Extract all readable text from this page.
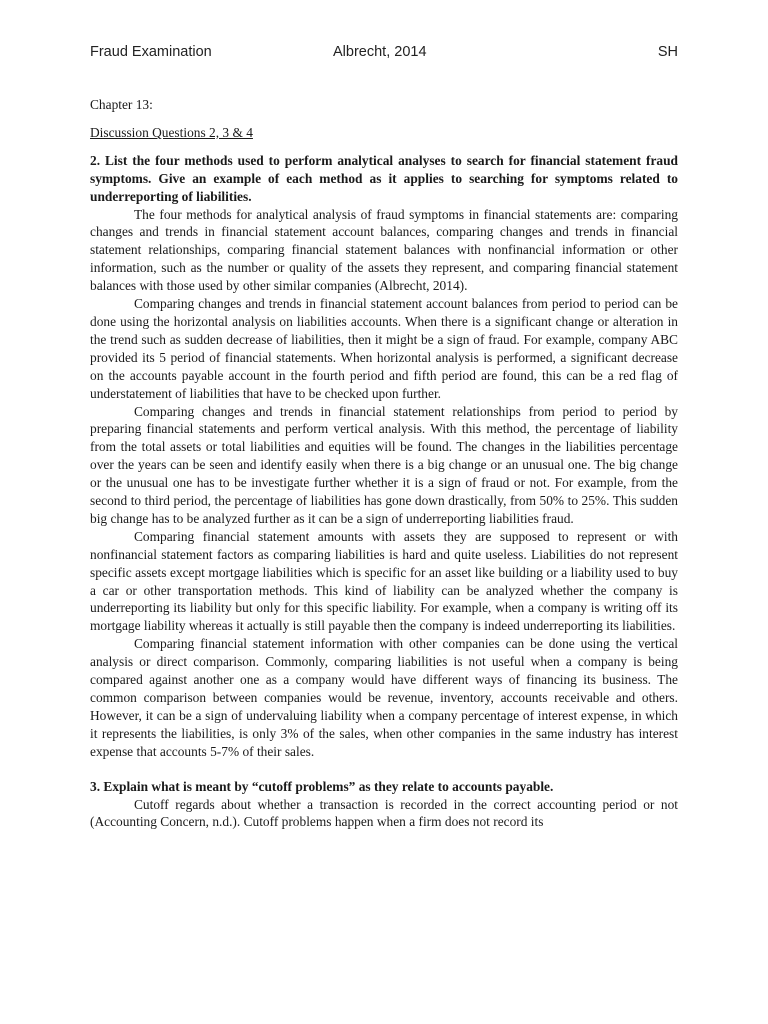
Fraud Examination	Albrecht, 2014	SH

Chapter 13:

Discussion Questions 2, 3 & 4

2. List the four methods used to perform analytical analyses to search for financial statement fraud symptoms. Give an example of each method as it applies to searching for symptoms related to underreporting of liabilities.

The four methods for analytical analysis of fraud symptoms in financial statements are: comparing changes and trends in financial statement account balances, comparing changes and trends in financial statement relationships, comparing financial statement balances with nonfinancial information or other information, such as the number or quality of the assets they represent, and comparing financial statement balances with those used by other similar companies (Albrecht, 2014).

Comparing changes and trends in financial statement account balances from period to period can be done using the horizontal analysis on liabilities accounts. When there is a significant change or alteration in the trend such as sudden decrease of liabilities, then it might be a sign of fraud. For example, company ABC provided its 5 period of financial statements. When horizontal analysis is performed, a significant decrease on the accounts payable account in the fourth period and fifth period are found, this can be a red flag of understatement of liabilities that have to be checked upon further.

Comparing changes and trends in financial statement relationships from period to period by preparing financial statements and perform vertical analysis. With this method, the percentage of liability from the total assets or total liabilities and equities will be found. The changes in the liabilities percentage over the years can be seen and identify easily when there is a big change or an unusual one. The big change or the unusual one has to be investigate further whether it is a sign of fraud or not. For example, from the second to third period, the percentage of liabilities has gone down drastically, from 50% to 25%. This sudden big change has to be analyzed further as it can be a sign of underreporting liabilities fraud.

Comparing financial statement amounts with assets they are supposed to represent or with nonfinancial statement factors as comparing liabilities is hard and quite useless. Liabilities do not represent specific assets except mortgage liabilities which is specific for an asset like building or a liability used to buy a car or other transportation methods. This kind of liability can be analyzed whether the company is underreporting its liability but only for this specific liability. For example, when a company is writing off its mortgage liability whereas it actually is still payable then the company is indeed underreporting its liabilities.

Comparing financial statement information with other companies can be done using the vertical analysis or direct comparison. Commonly, comparing liabilities is not useful when a company is being compared against another one as a company would have different ways of financing its business. The common comparison between companies would be revenue, inventory, accounts receivable and others. However, it can be a sign of undervaluing liability when a company percentage of interest expense, in which it represents the liabilities, is only 3% of the sales, when other companies in the same industry has interest expense that accounts 5-7% of their sales.

3. Explain what is meant by “cutoff problems” as they relate to accounts payable.

Cutoff regards about whether a transaction is recorded in the correct accounting period or not (Accounting Concern, n.d.). Cutoff problems happen when a firm does not record its
